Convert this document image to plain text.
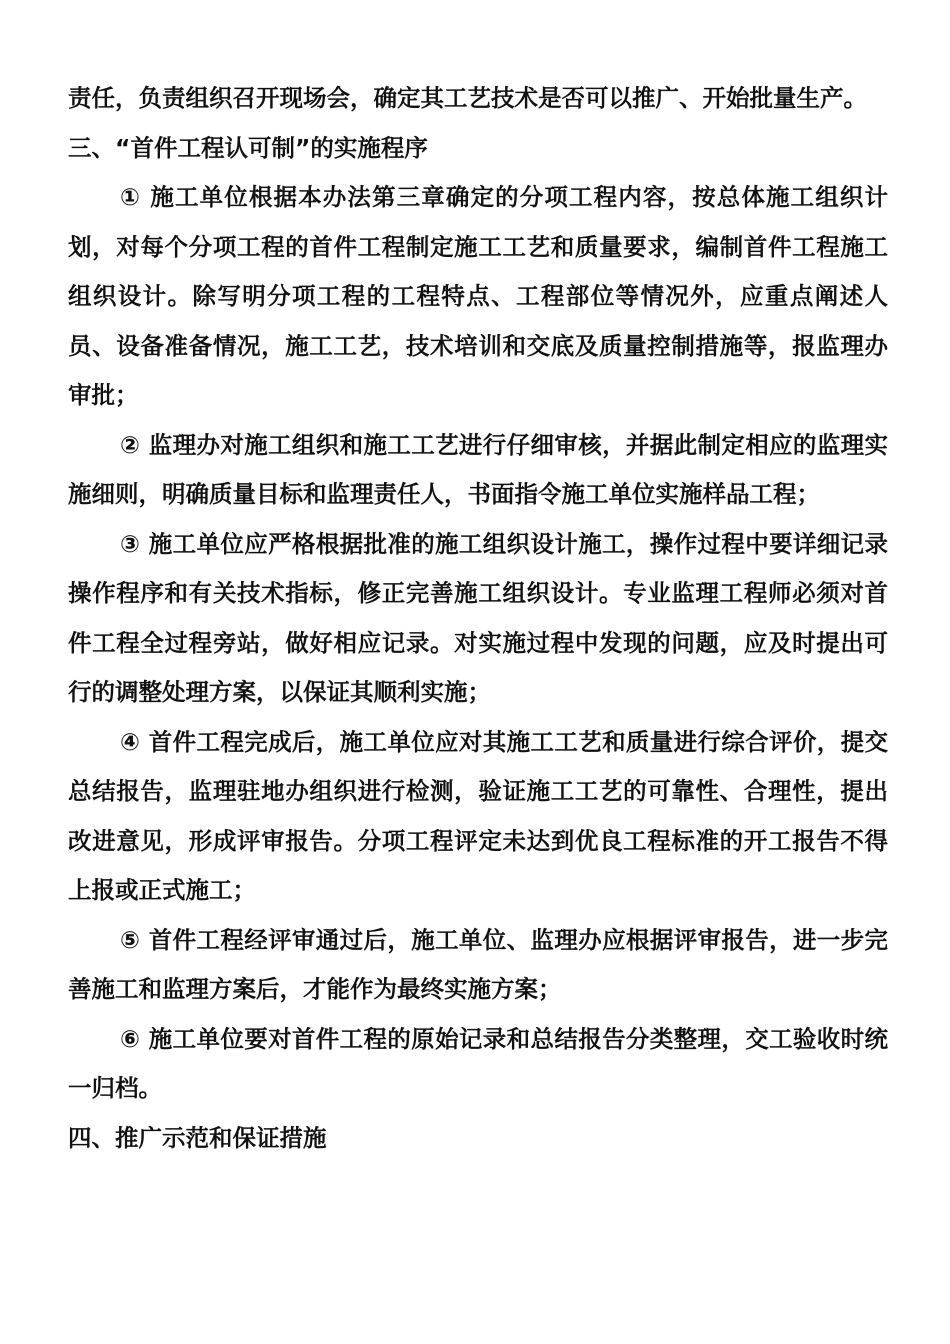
责任，负责组织召开现场会，确定其工艺技术是否可以推广、开始批量生产。

三、“首件工程认可制”的实施程序

① 施工单位根据本办法第三章确定的分项工程内容，按总体施工组织计划，对每个分项工程的首件工程制定施工工艺和质量要求，编制首件工程施工组织设计。除写明分项工程的工程特点、工程部位等情况外，应重点阐述人员、设备准备情况，施工工艺，技术培训和交底及质量控制措施等，报监理办审批；

② 监理办对施工组织和施工工艺进行仔细审核，并据此制定相应的监理实施细则，明确质量目标和监理责任人，书面指令施工单位实施样品工程；

③ 施工单位应严格根据批准的施工组织设计施工，操作过程中要详细记录操作程序和有关技术指标，修正完善施工组织设计。专业监理工程师必须对首件工程全过程旁站，做好相应记录。对实施过程中发现的问题，应及时提出可行的调整处理方案，以保证其顺利实施；

④ 首件工程完成后，施工单位应对其施工工艺和质量进行综合评价，提交总结报告，监理驻地办组织进行检测，验证施工工艺的可靠性、合理性，提出改进意见，形成评审报告。分项工程评定未达到优良工程标准的开工报告不得上报或正式施工；

⑤ 首件工程经评审通过后，施工单位、监理办应根据评审报告，进一步完善施工和监理方案后，才能作为最终实施方案；

⑥ 施工单位要对首件工程的原始记录和总结报告分类整理，交工验收时统一归档。

四、推广示范和保证措施
